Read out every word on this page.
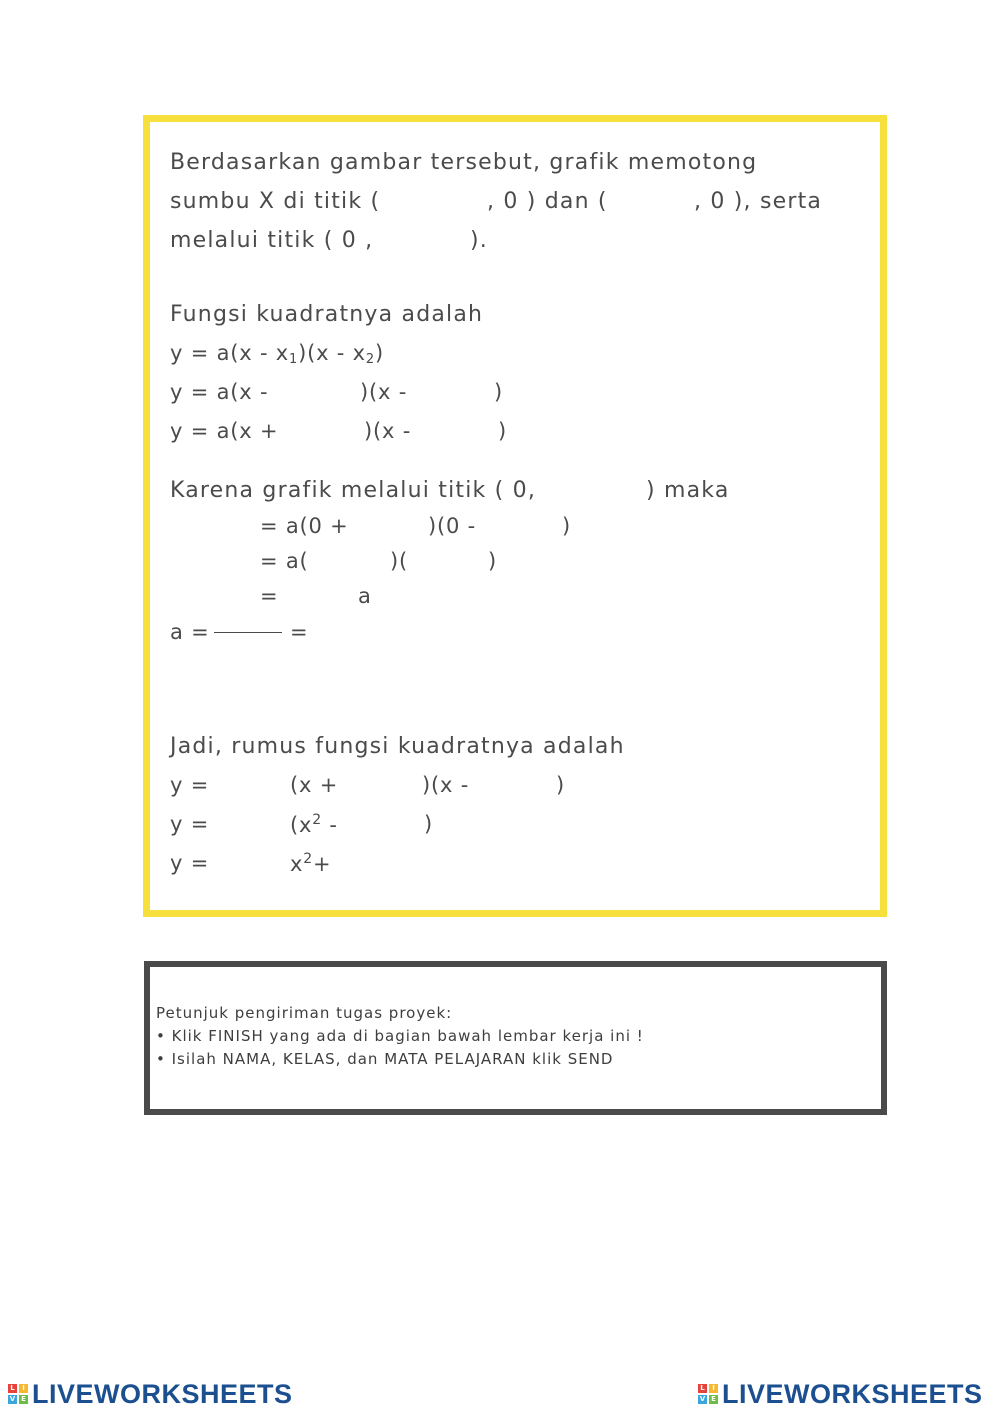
Berdasarkan gambar tersebut, grafik memotong
sumbu X di titik (	, 0 ) dan (	, 0 ), serta
melalui titik ( 0 ,	).
Fungsi kuadratnya adalah
$y = a(x - x_1)(x - x_2)$
y = a(x -	)(x -	)
y = a(x +	)(x -	)
Karena grafik melalui titik ( 0,	) maka
= a(0 +	)(0 -	)
= a(	)(	)
=	a
a =	=
Jadi, rumus fungsi kuadratnya adalah
y =	(x +	)(x -	)
y =	($x^2$ -	)
y =	$x^2+$
Petunjuk pengiriman tugas proyek:
• Klik FINISH yang ada di bagian bawah lembar kerja ini !
• Isilah NAMA, KELAS, dan MATA PELAJARAN klik SEND
L	I
V E LIVEWORKSHEETS	L	I
V E LIVEWORKSHEETS
